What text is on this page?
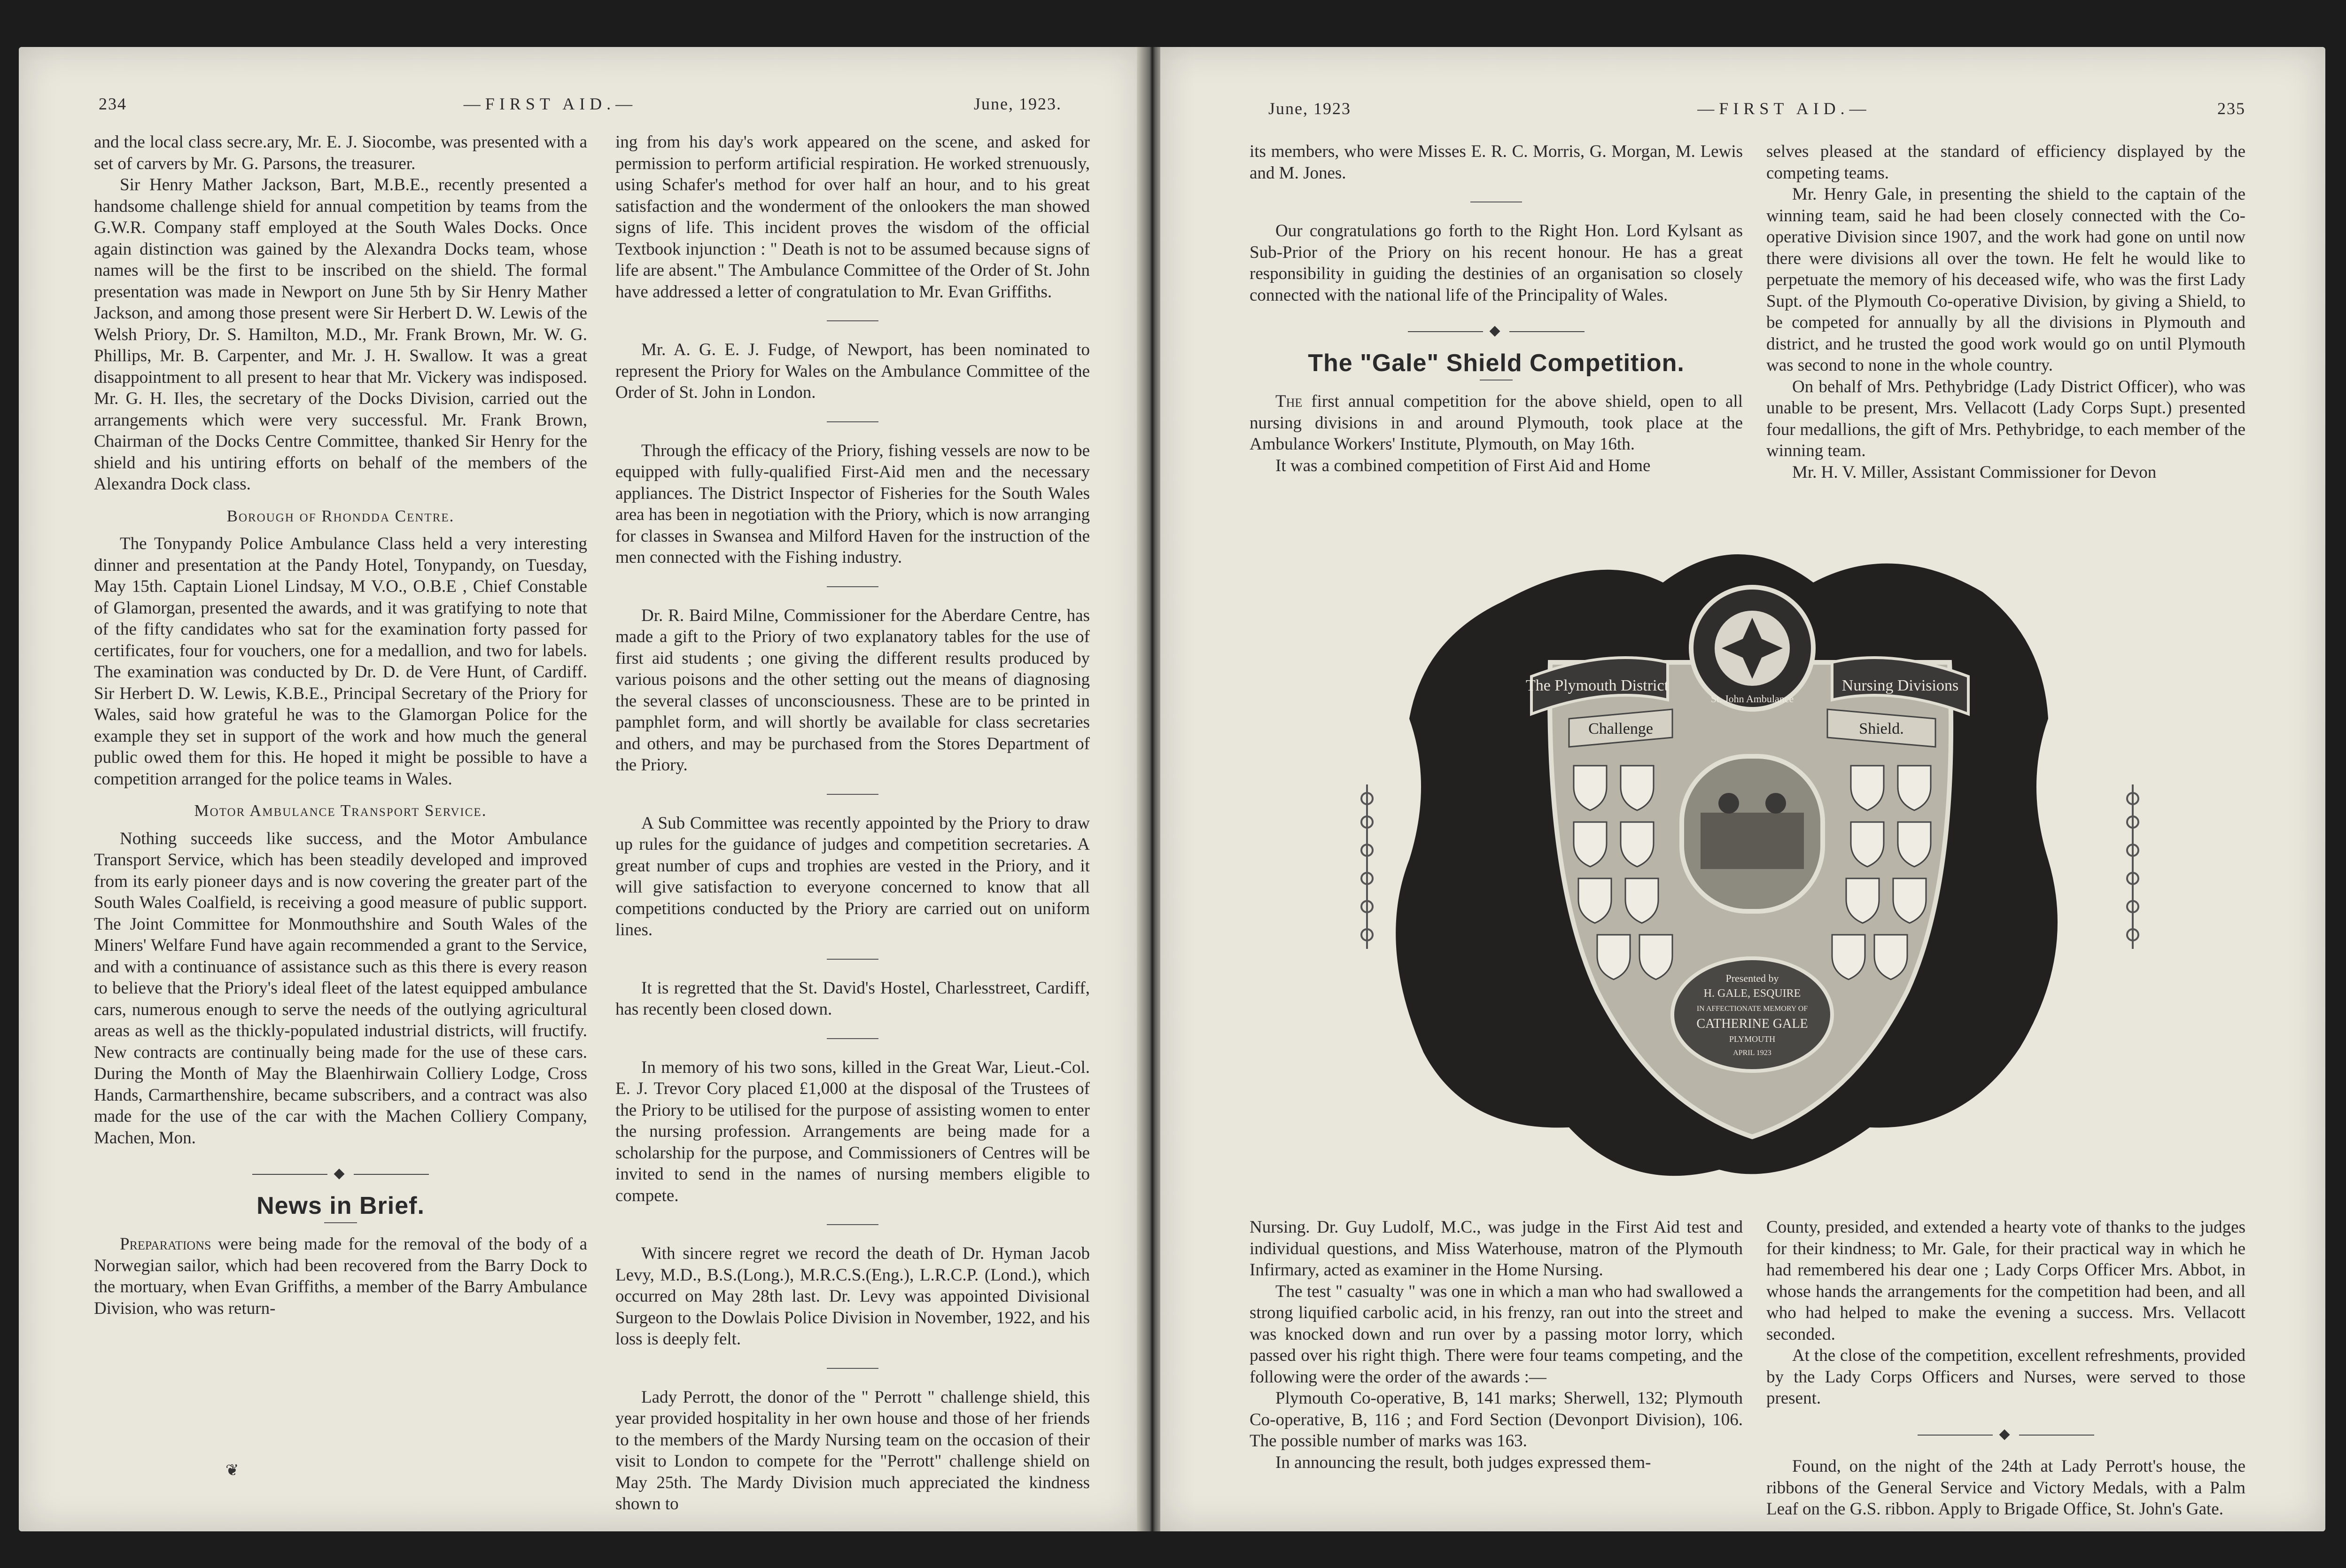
234	—FIRST AID.—	June, 1923.

and the local class secre.ary, Mr. E. J. Siocombe, was presented with a set of carvers by Mr. G. Parsons, the treasurer.

Sir Henry Mather Jackson, Bart, M.B.E., recently presented a handsome challenge shield for annual competition by teams from the G.W.R. Company staff employed at the South Wales Docks. Once again distinction was gained by the Alexandra Docks team, whose names will be the first to be inscribed on the shield. The formal presentation was made in Newport on June 5th by Sir Henry Mather Jackson, and among those present were Sir Herbert D. W. Lewis of the Welsh Priory, Dr. S. Hamilton, M.D., Mr. Frank Brown, Mr. W. G. Phillips, Mr. B. Carpenter, and Mr. J. H. Swallow. It was a great disappointment to all present to hear that Mr. Vickery was indisposed. Mr. G. H. Iles, the secretary of the Docks Division, carried out the arrangements which were very successful. Mr. Frank Brown, Chairman of the Docks Centre Committee, thanked Sir Henry for the shield and his untiring efforts on behalf of the members of the Alexandra Dock class.

Borough of Rhondda Centre.

The Tonypandy Police Ambulance Class held a very interesting dinner and presentation at the Pandy Hotel, Tonypandy, on Tuesday, May 15th. Captain Lionel Lindsay, M V.O., O.B.E , Chief Constable of Glamorgan, presented the awards, and it was gratifying to note that of the fifty candidates who sat for the examination forty passed for certificates, four for vouchers, one for a medallion, and two for labels. The examination was conducted by Dr. D. de Vere Hunt, of Cardiff. Sir Herbert D. W. Lewis, K.B.E., Principal Secretary of the Priory for Wales, said how grateful he was to the Glamorgan Police for the example they set in support of the work and how much the general public owed them for this. He hoped it might be possible to have a competition arranged for the police teams in Wales.

Motor Ambulance Transport Service.

Nothing succeeds like success, and the Motor Ambulance Transport Service, which has been steadily developed and improved from its early pioneer days and is now covering the greater part of the South Wales Coalfield, is receiving a good measure of public support. The Joint Committee for Monmouthshire and South Wales of the Miners' Welfare Fund have again recommended a grant to the Service, and with a continuance of assistance such as this there is every reason to believe that the Priory's ideal fleet of the latest equipped ambulance cars, numerous enough to serve the needs of the outlying agricultural areas as well as the thickly-populated industrial districts, will fructify. New contracts are continually being made for the use of these cars. During the Month of May the Blaenhirwain Colliery Lodge, Cross Hands, Carmarthenshire, became subscribers, and a contract was also made for the use of the car with the Machen Colliery Company, Machen, Mon.

◆
News in Brief.

Preparations were being made for the removal of the body of a Norwegian sailor, which had been recovered from the Barry Dock to the mortuary, when Evan Griffiths, a member of the Barry Ambulance Division, who was return-

ing from his day's work appeared on the scene, and asked for permission to perform artificial respiration. He worked strenuously, using Schafer's method for over half an hour, and to his great satisfaction and the wonderment of the onlookers the man showed signs of life. This incident proves the wisdom of the official Textbook injunction : " Death is not to be assumed because signs of life are absent." The Ambulance Committee of the Order of St. John have addressed a letter of congratulation to Mr. Evan Griffiths.

Mr. A. G. E. J. Fudge, of Newport, has been nominated to represent the Priory for Wales on the Ambulance Committee of the Order of St. John in London.

Through the efficacy of the Priory, fishing vessels are now to be equipped with fully-qualified First-Aid men and the necessary appliances. The District Inspector of Fisheries for the South Wales area has been in negotiation with the Priory, which is now arranging for classes in Swansea and Milford Haven for the instruction of the men connected with the Fishing industry.

Dr. R. Baird Milne, Commissioner for the Aberdare Centre, has made a gift to the Priory of two explanatory tables for the use of first aid students ; one giving the different results produced by various poisons and the other setting out the means of diagnosing the several classes of unconsciousness. These are to be printed in pamphlet form, and will shortly be available for class secretaries and others, and may be purchased from the Stores Department of the Priory.

A Sub Committee was recently appointed by the Priory to draw up rules for the guidance of judges and competition secretaries. A great number of cups and trophies are vested in the Priory, and it will give satisfaction to everyone concerned to know that all competitions conducted by the Priory are carried out on uniform lines.

It is regretted that the St. David's Hostel, Charlesstreet, Cardiff, has recently been closed down.

In memory of his two sons, killed in the Great War, Lieut.-Col. E. J. Trevor Cory placed £1,000 at the disposal of the Trustees of the Priory to be utilised for the purpose of assisting women to enter the nursing profession. Arrangements are being made for a scholarship for the purpose, and Commissioners of Centres will be invited to send in the names of nursing members eligible to compete.

With sincere regret we record the death of Dr. Hyman Jacob Levy, M.D., B.S.(Long.), M.R.C.S.(Eng.), L.R.C.P. (Lond.), which occurred on May 28th last. Dr. Levy was appointed Divisional Surgeon to the Dowlais Police Division in November, 1922, and his loss is deeply felt.

Lady Perrott, the donor of the " Perrott " challenge shield, this year provided hospitality in her own house and those of her friends to the members of the Mardy Nursing team on the occasion of their visit to London to compete for the "Perrott" challenge shield on May 25th. The Mardy Division much appreciated the kindness shown to

❦
June, 1923	—FIRST AID.—	235

its members, who were Misses E. R. C. Morris, G. Morgan, M. Lewis and M. Jones.

Our congratulations go forth to the Right Hon. Lord Kylsant as Sub-Prior of the Priory on his recent honour. He has a great responsibility in guiding the destinies of an organisation so closely connected with the national life of the Principality of Wales.

◆
The "Gale" Shield Competition.

The first annual competition for the above shield, open to all nursing divisions in and around Plymouth, took place at the Ambulance Workers' Institute, Plymouth, on May 16th.

It was a combined competition of First Aid and Home

selves pleased at the standard of efficiency displayed by the competing teams.

Mr. Henry Gale, in presenting the shield to the captain of the winning team, said he had been closely connected with the Co-operative Division since 1907, and the work had gone on until now there were divisions all over the town. He felt he would like to perpetuate the memory of his deceased wife, who was the first Lady Supt. of the Plymouth Co-operative Division, by giving a Shield, to be competed for annually by all the divisions in Plymouth and district, and he trusted the good work would go on until Plymouth was second to none in the whole country.

On behalf of Mrs. Pethybridge (Lady District Officer), who was unable to be present, Mrs. Vellacott (Lady Corps Supt.) presented four medallions, the gift of Mrs. Pethybridge, to each member of the winning team.

Mr. H. V. Miller, Assistant Commissioner for Devon

The Plymouth District	Nursing Divisions
Challenge	Shield.
St. John Ambulance
Presented by
H. GALE, ESQUIRE
IN AFFECTIONATE MEMORY OF
CATHERINE GALE
PLYMOUTH
APRIL 1923

Nursing. Dr. Guy Ludolf, M.C., was judge in the First Aid test and individual questions, and Miss Waterhouse, matron of the Plymouth Infirmary, acted as examiner in the Home Nursing.

The test " casualty " was one in which a man who had swallowed a strong liquified carbolic acid, in his frenzy, ran out into the street and was knocked down and run over by a passing motor lorry, which passed over his right thigh. There were four teams competing, and the following were the order of the awards :—

Plymouth Co-operative, B, 141 marks; Sherwell, 132; Plymouth Co-operative, B, 116 ; and Ford Section (Devonport Division), 106. The possible number of marks was 163.

In announcing the result, both judges expressed them-

County, presided, and extended a hearty vote of thanks to the judges for their kindness; to Mr. Gale, for their practical way in which he had remembered his dear one ; Lady Corps Officer Mrs. Abbot, in whose hands the arrangements for the competition had been, and all who had helped to make the evening a success. Mrs. Vellacott seconded.

At the close of the competition, excellent refreshments, provided by the Lady Corps Officers and Nurses, were served to those present.

◆

Found, on the night of the 24th at Lady Perrott's house, the ribbons of the General Service and Victory Medals, with a Palm Leaf on the G.S. ribbon. Apply to Brigade Office, St. John's Gate.
